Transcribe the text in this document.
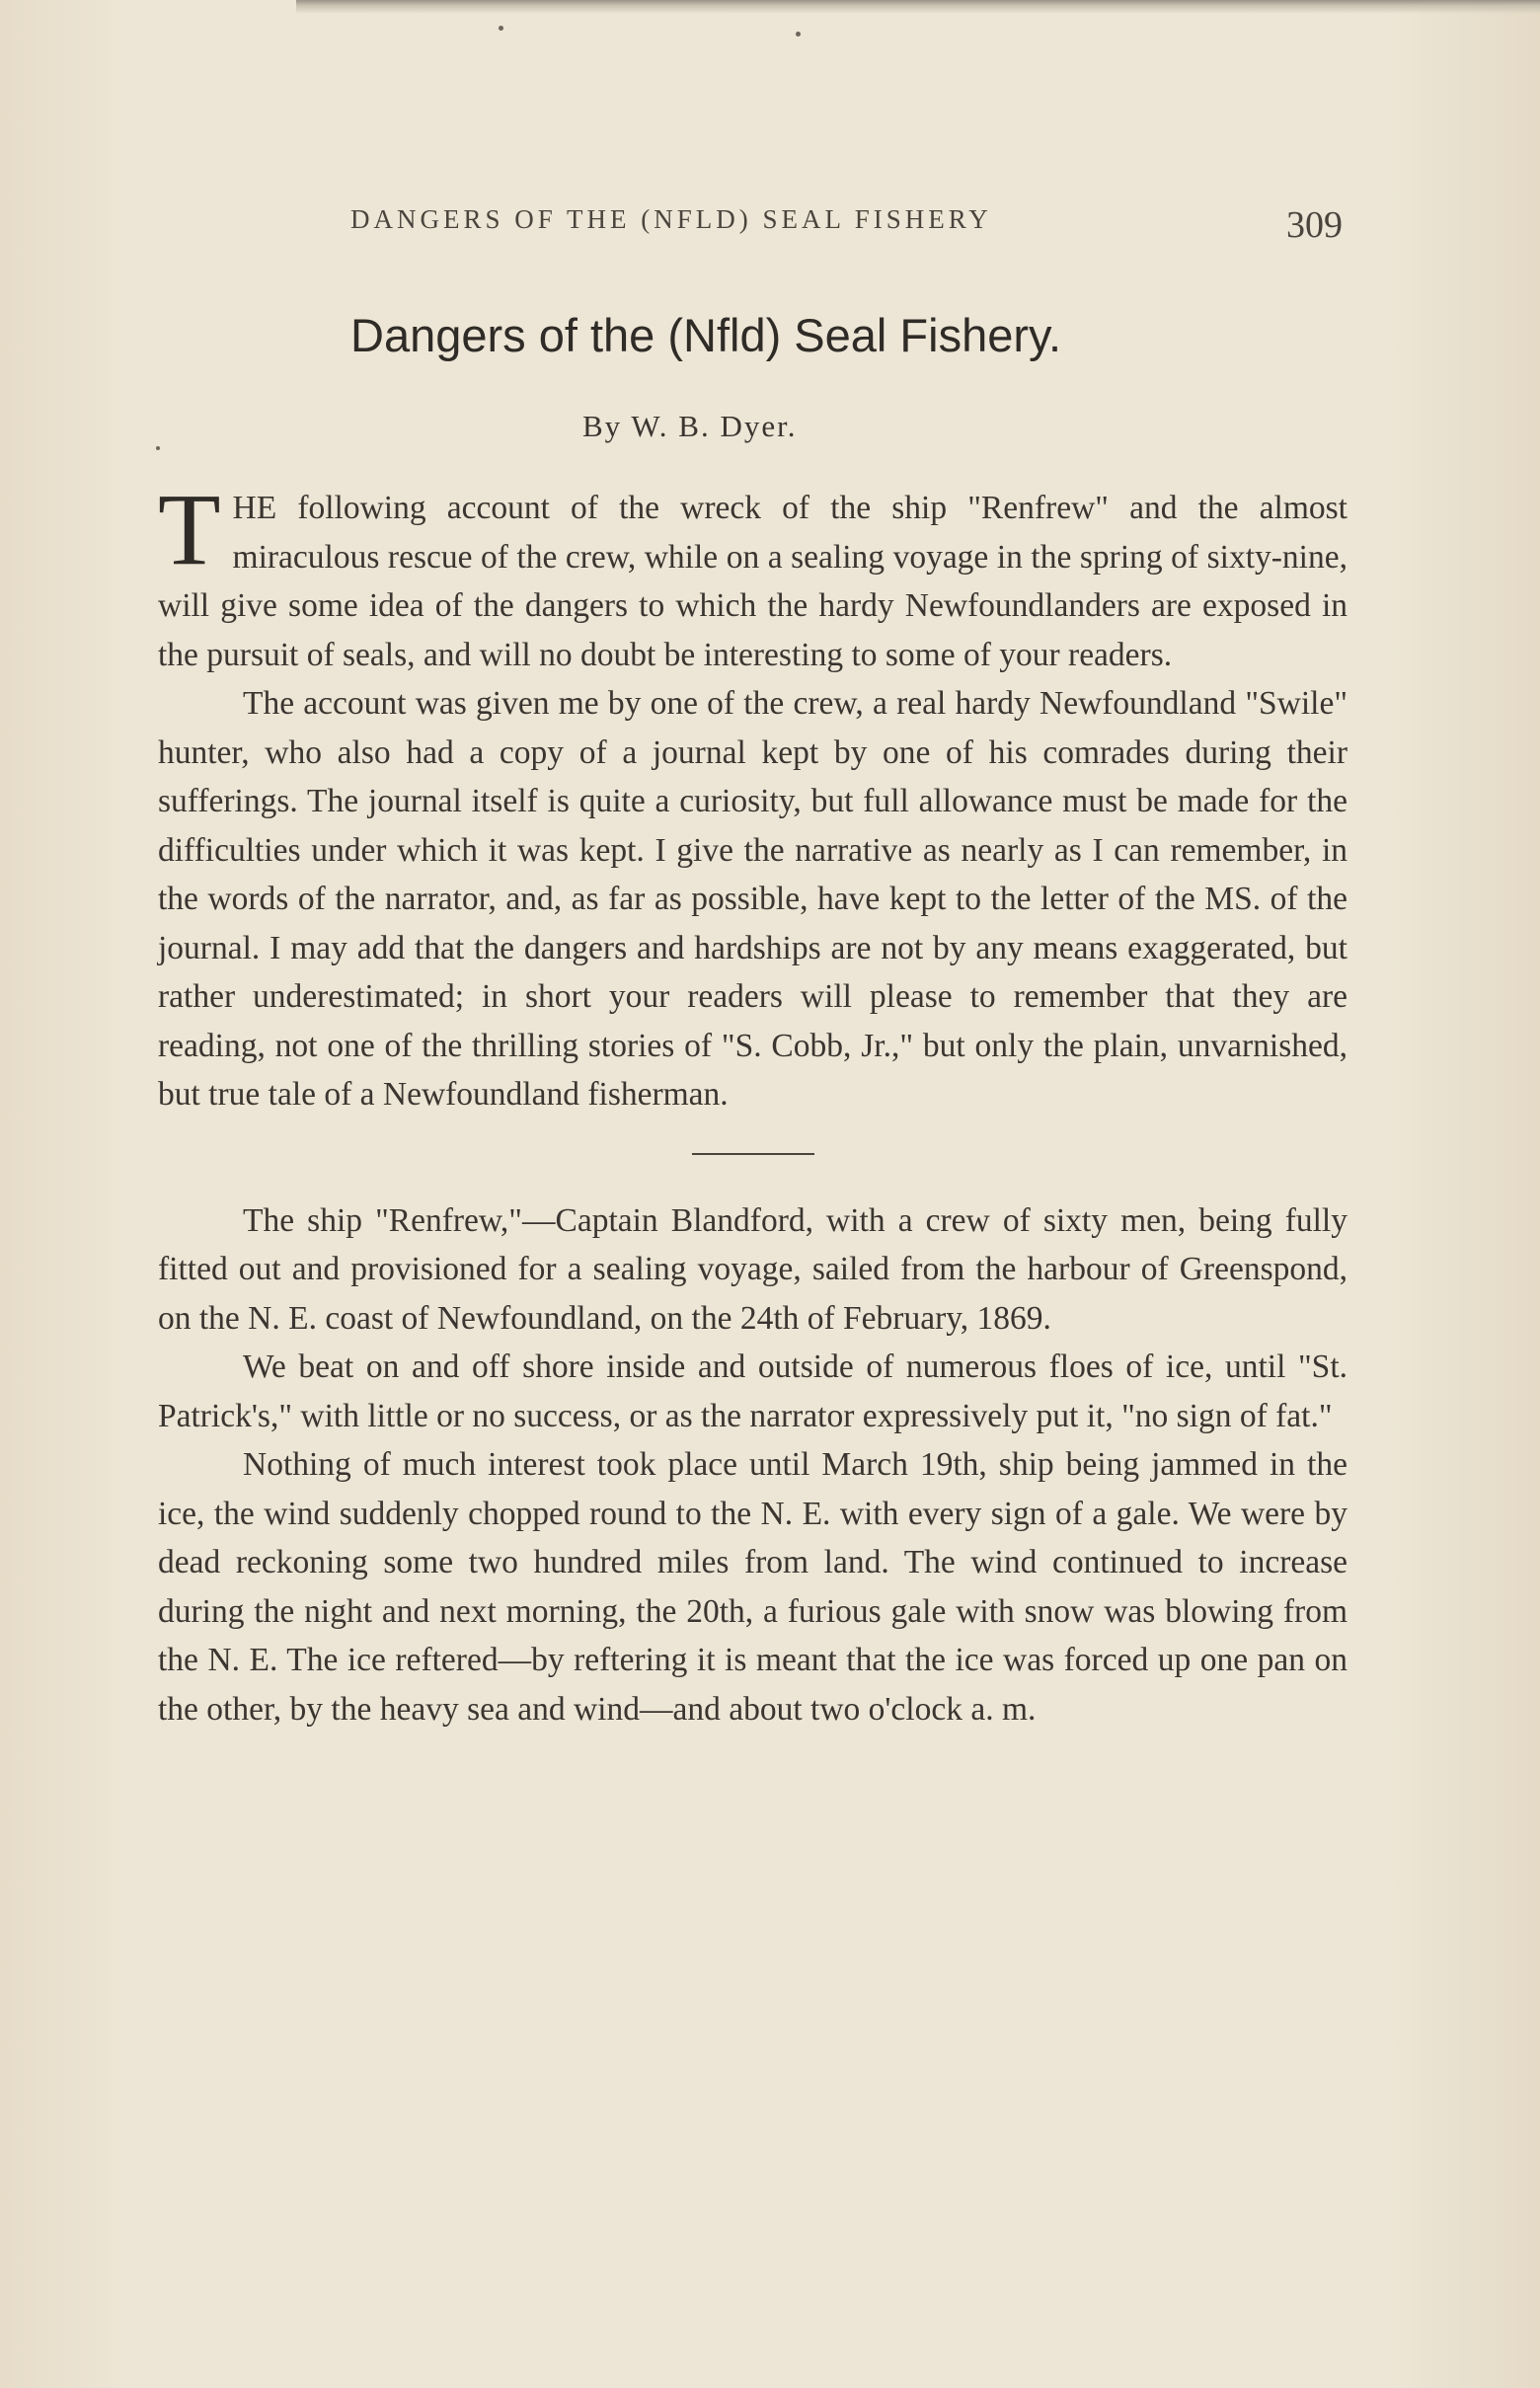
DANGERS OF THE (NFLD) SEAL FISHERY	309
Dangers of the (Nfld) Seal Fishery.
By W. B. Dyer.

THE following account of the wreck of the ship "Renfrew" and the almost miraculous rescue of the crew, while on a sealing voyage in the spring of sixty-nine, will give some idea of the dangers to which the hardy Newfoundlanders are exposed in the pursuit of seals, and will no doubt be interesting to some of your readers.

The account was given me by one of the crew, a real hardy Newfoundland "Swile" hunter, who also had a copy of a journal kept by one of his comrades during their sufferings. The journal itself is quite a curiosity, but full allowance must be made for the difficulties under which it was kept. I give the narrative as nearly as I can remember, in the words of the narrator, and, as far as possible, have kept to the letter of the MS. of the journal. I may add that the dangers and hardships are not by any means exaggerated, but rather underestimated; in short your readers will please to remember that they are reading, not one of the thrilling stories of "S. Cobb, Jr.," but only the plain, unvarnished, but true tale of a Newfoundland fisherman.

The ship "Renfrew,"—Captain Blandford, with a crew of sixty men, being fully fitted out and provisioned for a sealing voyage, sailed from the harbour of Greenspond, on the N. E. coast of Newfoundland, on the 24th of February, 1869.

We beat on and off shore inside and outside of numerous floes of ice, until "St. Patrick's," with little or no success, or as the narrator expressively put it, "no sign of fat."

Nothing of much interest took place until March 19th, ship being jammed in the ice, the wind suddenly chopped round to the N. E. with every sign of a gale. We were by dead reckoning some two hundred miles from land. The wind continued to increase during the night and next morning, the 20th, a furious gale with snow was blowing from the N. E. The ice reftered—by reftering it is meant that the ice was forced up one pan on the other, by the heavy sea and wind—and about two o'clock a. m.
